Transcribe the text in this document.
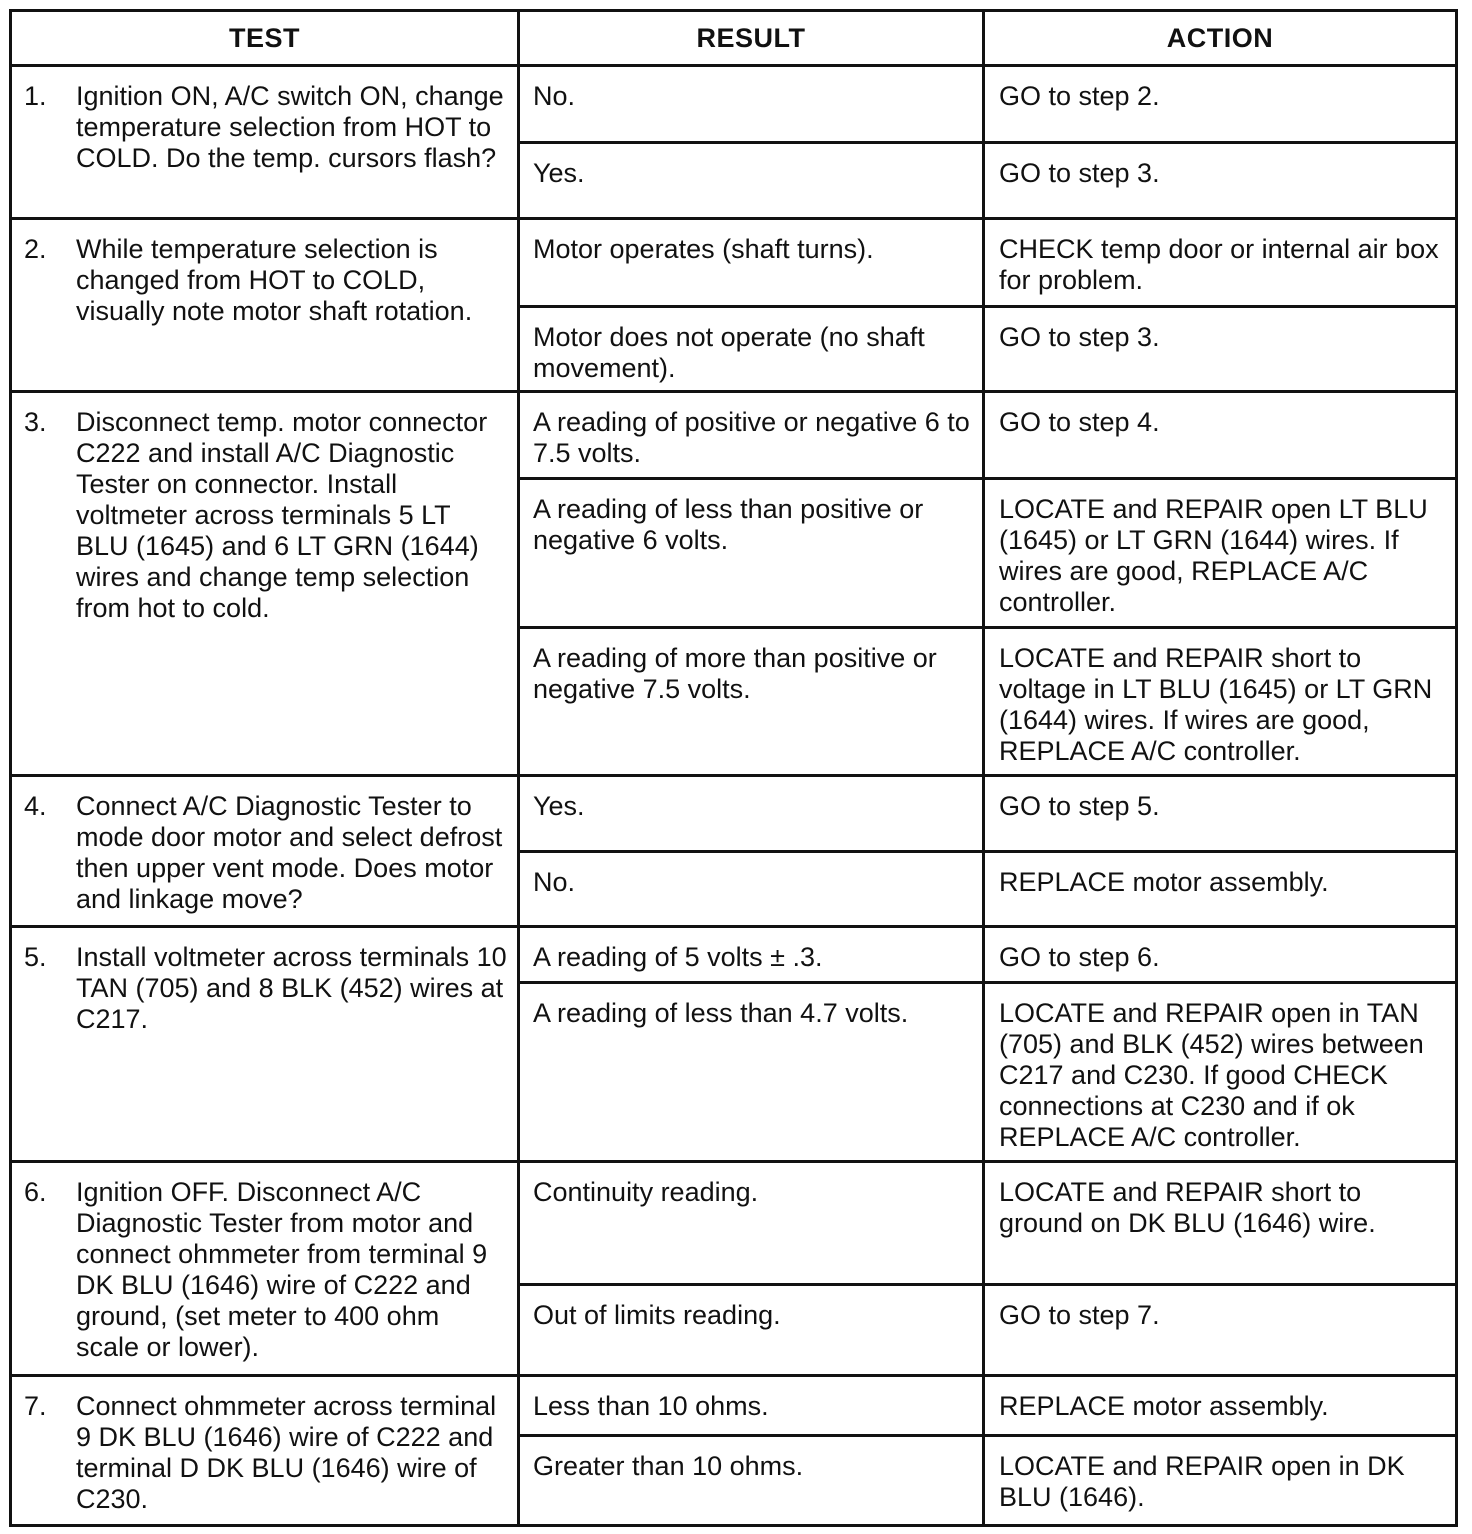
TEST	RESULT	ACTION

1. Ignition ON, A/C switch ON, change temperature selection from HOT to COLD. Do the temp. cursors flash?	No.	GO to step 2.

	Yes.	GO to step 3.

2. While temperature selection is changed from HOT to COLD, visually note motor shaft rotation.	Motor operates (shaft turns).	CHECK temp door or internal air box for problem.

	Motor does not operate (no shaft movement).	GO to step 3.

3. Disconnect temp. motor connector C222 and install A/C Diagnostic Tester on connector. Install voltmeter across terminals 5 LT BLU (1645) and 6 LT GRN (1644) wires and change temp selection from hot to cold.	A reading of positive or negative 6 to 7.5 volts.	GO to step 4.

	A reading of less than positive or negative 6 volts.	LOCATE and REPAIR open LT BLU (1645) or LT GRN (1644) wires. If wires are good, REPLACE A/C controller.

	A reading of more than positive or negative 7.5 volts.	LOCATE and REPAIR short to voltage in LT BLU (1645) or LT GRN (1644) wires. If wires are good, REPLACE A/C controller.

4. Connect A/C Diagnostic Tester to mode door motor and select defrost then upper vent mode. Does motor and linkage move?	Yes.	GO to step 5.

	No.	REPLACE motor assembly.

5. Install voltmeter across terminals 10 TAN (705) and 8 BLK (452) wires at C217.	A reading of 5 volts ± .3.	GO to step 6.

	A reading of less than 4.7 volts.	LOCATE and REPAIR open in TAN (705) and BLK (452) wires between C217 and C230. If good CHECK connections at C230 and if ok REPLACE A/C controller.

6. Ignition OFF. Disconnect A/C Diagnostic Tester from motor and connect ohmmeter from terminal 9 DK BLU (1646) wire of C222 and ground, (set meter to 400 ohm scale or lower).	Continuity reading.	LOCATE and REPAIR short to ground on DK BLU (1646) wire.

	Out of limits reading.	GO to step 7.

7. Connect ohmmeter across terminal 9 DK BLU (1646) wire of C222 and terminal D DK BLU (1646) wire of C230.	Less than 10 ohms.	REPLACE motor assembly.

	Greater than 10 ohms.	LOCATE and REPAIR open in DK BLU (1646).
